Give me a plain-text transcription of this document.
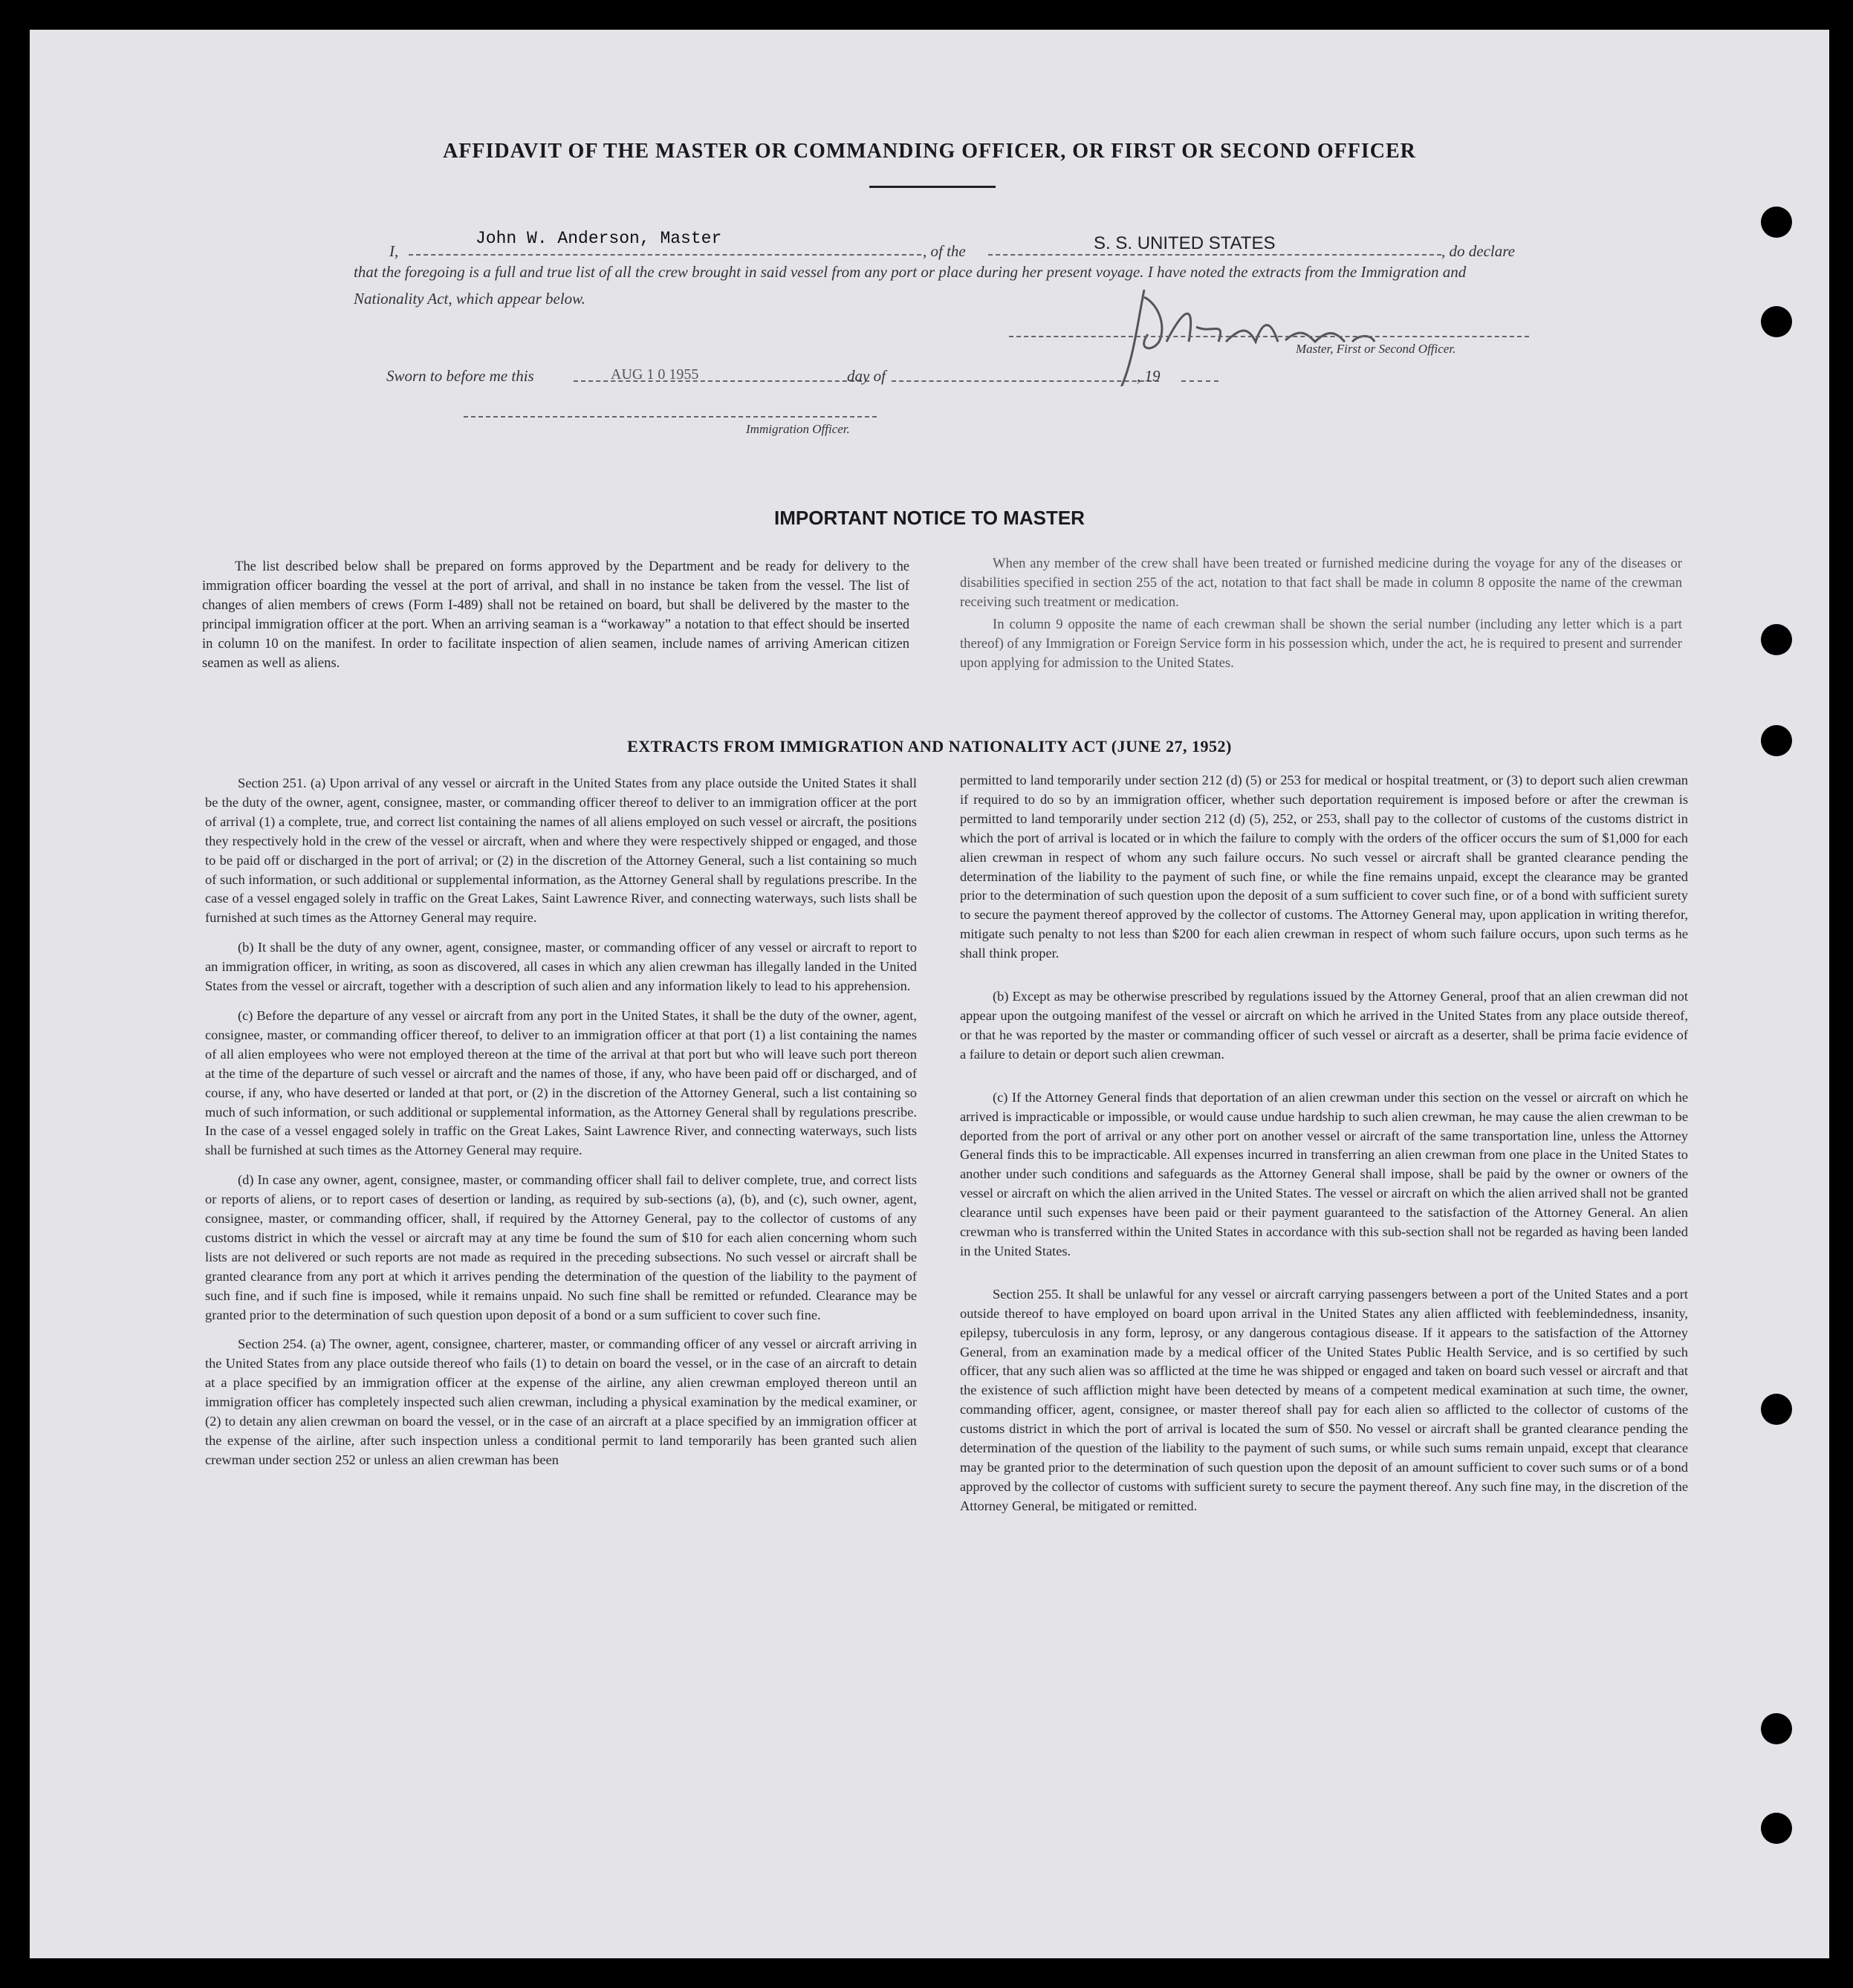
AFFIDAVIT OF THE MASTER OR COMMANDING OFFICER, OR FIRST OR SECOND OFFICER
I,
John W. Anderson, Master
, of the	S. S. UNITED STATES	, do declare
that the foregoing is a full and true list of all the crew brought in said vessel from any port or place during her present voyage. I have noted the extracts from the Immigration and Nationality Act, which appear below.
Master, First or Second Officer.
Sworn to before me this	AUG 1 0 1955	day of	, 19
Immigration Officer.
IMPORTANT NOTICE TO MASTER

The list described below shall be prepared on forms approved by the Department and be ready for delivery to the immigration officer boarding the vessel at the port of arrival, and shall in no instance be taken from the vessel. The list of changes of alien members of crews (Form I-489) shall not be retained on board, but shall be delivered by the master to the principal immigration officer at the port. When an arriving seaman is a “workaway” a notation to that effect should be inserted in column 10 on the manifest. In order to facilitate inspection of alien seamen, include names of arriving American citizen seamen as well as aliens.

When any member of the crew shall have been treated or furnished medicine during the voyage for any of the diseases or disabilities specified in section 255 of the act, notation to that fact shall be made in column 8 opposite the name of the crewman receiving such treatment or medication.

In column 9 opposite the name of each crewman shall be shown the serial number (including any letter which is a part thereof) of any Immigration or Foreign Service form in his possession which, under the act, he is required to present and surrender upon applying for admission to the United States.

EXTRACTS FROM IMMIGRATION AND NATIONALITY ACT (JUNE 27, 1952)

Section 251. (a) Upon arrival of any vessel or aircraft in the United States from any place outside the United States it shall be the duty of the owner, agent, consignee, master, or commanding officer thereof to deliver to an immigration officer at the port of arrival (1) a complete, true, and correct list containing the names of all aliens employed on such vessel or aircraft, the positions they respectively hold in the crew of the vessel or aircraft, when and where they were respectively shipped or engaged, and those to be paid off or discharged in the port of arrival; or (2) in the discretion of the Attorney General, such a list containing so much of such information, or such additional or supplemental information, as the Attorney General shall by regulations prescribe. In the case of a vessel engaged solely in traffic on the Great Lakes, Saint Lawrence River, and connecting waterways, such lists shall be furnished at such times as the Attorney General may require.

(b) It shall be the duty of any owner, agent, consignee, master, or commanding officer of any vessel or aircraft to report to an immigration officer, in writing, as soon as discovered, all cases in which any alien crewman has illegally landed in the United States from the vessel or aircraft, together with a description of such alien and any information likely to lead to his apprehension.

(c) Before the departure of any vessel or aircraft from any port in the United States, it shall be the duty of the owner, agent, consignee, master, or commanding officer thereof, to deliver to an immigration officer at that port (1) a list containing the names of all alien employees who were not employed thereon at the time of the arrival at that port but who will leave such port thereon at the time of the departure of such vessel or aircraft and the names of those, if any, who have been paid off or discharged, and of course, if any, who have deserted or landed at that port, or (2) in the discretion of the Attorney General, such a list containing so much of such information, or such additional or supplemental information, as the Attorney General shall by regulations prescribe. In the case of a vessel engaged solely in traffic on the Great Lakes, Saint Lawrence River, and connecting waterways, such lists shall be furnished at such times as the Attorney General may require.

(d) In case any owner, agent, consignee, master, or commanding officer shall fail to deliver complete, true, and correct lists or reports of aliens, or to report cases of desertion or landing, as required by sub-sections (a), (b), and (c), such owner, agent, consignee, master, or commanding officer, shall, if required by the Attorney General, pay to the collector of customs of any customs district in which the vessel or aircraft may at any time be found the sum of $10 for each alien concerning whom such lists are not delivered or such reports are not made as required in the preceding subsections. No such vessel or aircraft shall be granted clearance from any port at which it arrives pending the determination of the question of the liability to the payment of such fine, and if such fine is imposed, while it remains unpaid. No such fine shall be remitted or refunded. Clearance may be granted prior to the determination of such question upon deposit of a bond or a sum sufficient to cover such fine.

Section 254. (a) The owner, agent, consignee, charterer, master, or commanding officer of any vessel or aircraft arriving in the United States from any place outside thereof who fails (1) to detain on board the vessel, or in the case of an aircraft to detain at a place specified by an immigration officer at the expense of the airline, any alien crewman employed thereon until an immigration officer has completely inspected such alien crewman, including a physical examination by the medical examiner, or (2) to detain any alien crewman on board the vessel, or in the case of an aircraft at a place specified by an immigration officer at the expense of the airline, after such inspection unless a conditional permit to land temporarily has been granted such alien crewman under section 252 or unless an alien crewman has been

permitted to land temporarily under section 212 (d) (5) or 253 for medical or hospital treatment, or (3) to deport such alien crewman if required to do so by an immigration officer, whether such deportation requirement is imposed before or after the crewman is permitted to land temporarily under section 212 (d) (5), 252, or 253, shall pay to the collector of customs of the customs district in which the port of arrival is located or in which the failure to comply with the orders of the officer occurs the sum of $1,000 for each alien crewman in respect of whom any such failure occurs. No such vessel or aircraft shall be granted clearance pending the determination of the liability to the payment of such fine, or while the fine remains unpaid, except the clearance may be granted prior to the determination of such question upon the deposit of a sum sufficient to cover such fine, or of a bond with sufficient surety to secure the payment thereof approved by the collector of customs. The Attorney General may, upon application in writing therefor, mitigate such penalty to not less than $200 for each alien crewman in respect of whom such failure occurs, upon such terms as he shall think proper.

(b) Except as may be otherwise prescribed by regulations issued by the Attorney General, proof that an alien crewman did not appear upon the outgoing manifest of the vessel or aircraft on which he arrived in the United States from any place outside thereof, or that he was reported by the master or commanding officer of such vessel or aircraft as a deserter, shall be prima facie evidence of a failure to detain or deport such alien crewman.

(c) If the Attorney General finds that deportation of an alien crewman under this section on the vessel or aircraft on which he arrived is impracticable or impossible, or would cause undue hardship to such alien crewman, he may cause the alien crewman to be deported from the port of arrival or any other port on another vessel or aircraft of the same transportation line, unless the Attorney General finds this to be impracticable. All expenses incurred in transferring an alien crewman from one place in the United States to another under such conditions and safeguards as the Attorney General shall impose, shall be paid by the owner or owners of the vessel or aircraft on which the alien arrived in the United States. The vessel or aircraft on which the alien arrived shall not be granted clearance until such expenses have been paid or their payment guaranteed to the satisfaction of the Attorney General. An alien crewman who is transferred within the United States in accordance with this sub-section shall not be regarded as having been landed in the United States.

Section 255. It shall be unlawful for any vessel or aircraft carrying passengers between a port of the United States and a port outside thereof to have employed on board upon arrival in the United States any alien afflicted with feeblemindedness, insanity, epilepsy, tuberculosis in any form, leprosy, or any dangerous contagious disease. If it appears to the satisfaction of the Attorney General, from an examination made by a medical officer of the United States Public Health Service, and is so certified by such officer, that any such alien was so afflicted at the time he was shipped or engaged and taken on board such vessel or aircraft and that the existence of such affliction might have been detected by means of a competent medical examination at such time, the owner, commanding officer, agent, consignee, or master thereof shall pay for each alien so afflicted to the collector of customs of the customs district in which the port of arrival is located the sum of $50. No vessel or aircraft shall be granted clearance pending the determination of the question of the liability to the payment of such sums, or while such sums remain unpaid, except that clearance may be granted prior to the determination of such question upon the deposit of an amount sufficient to cover such sums or of a bond approved by the collector of customs with sufficient surety to secure the payment thereof. Any such fine may, in the discretion of the Attorney General, be mitigated or remitted.
